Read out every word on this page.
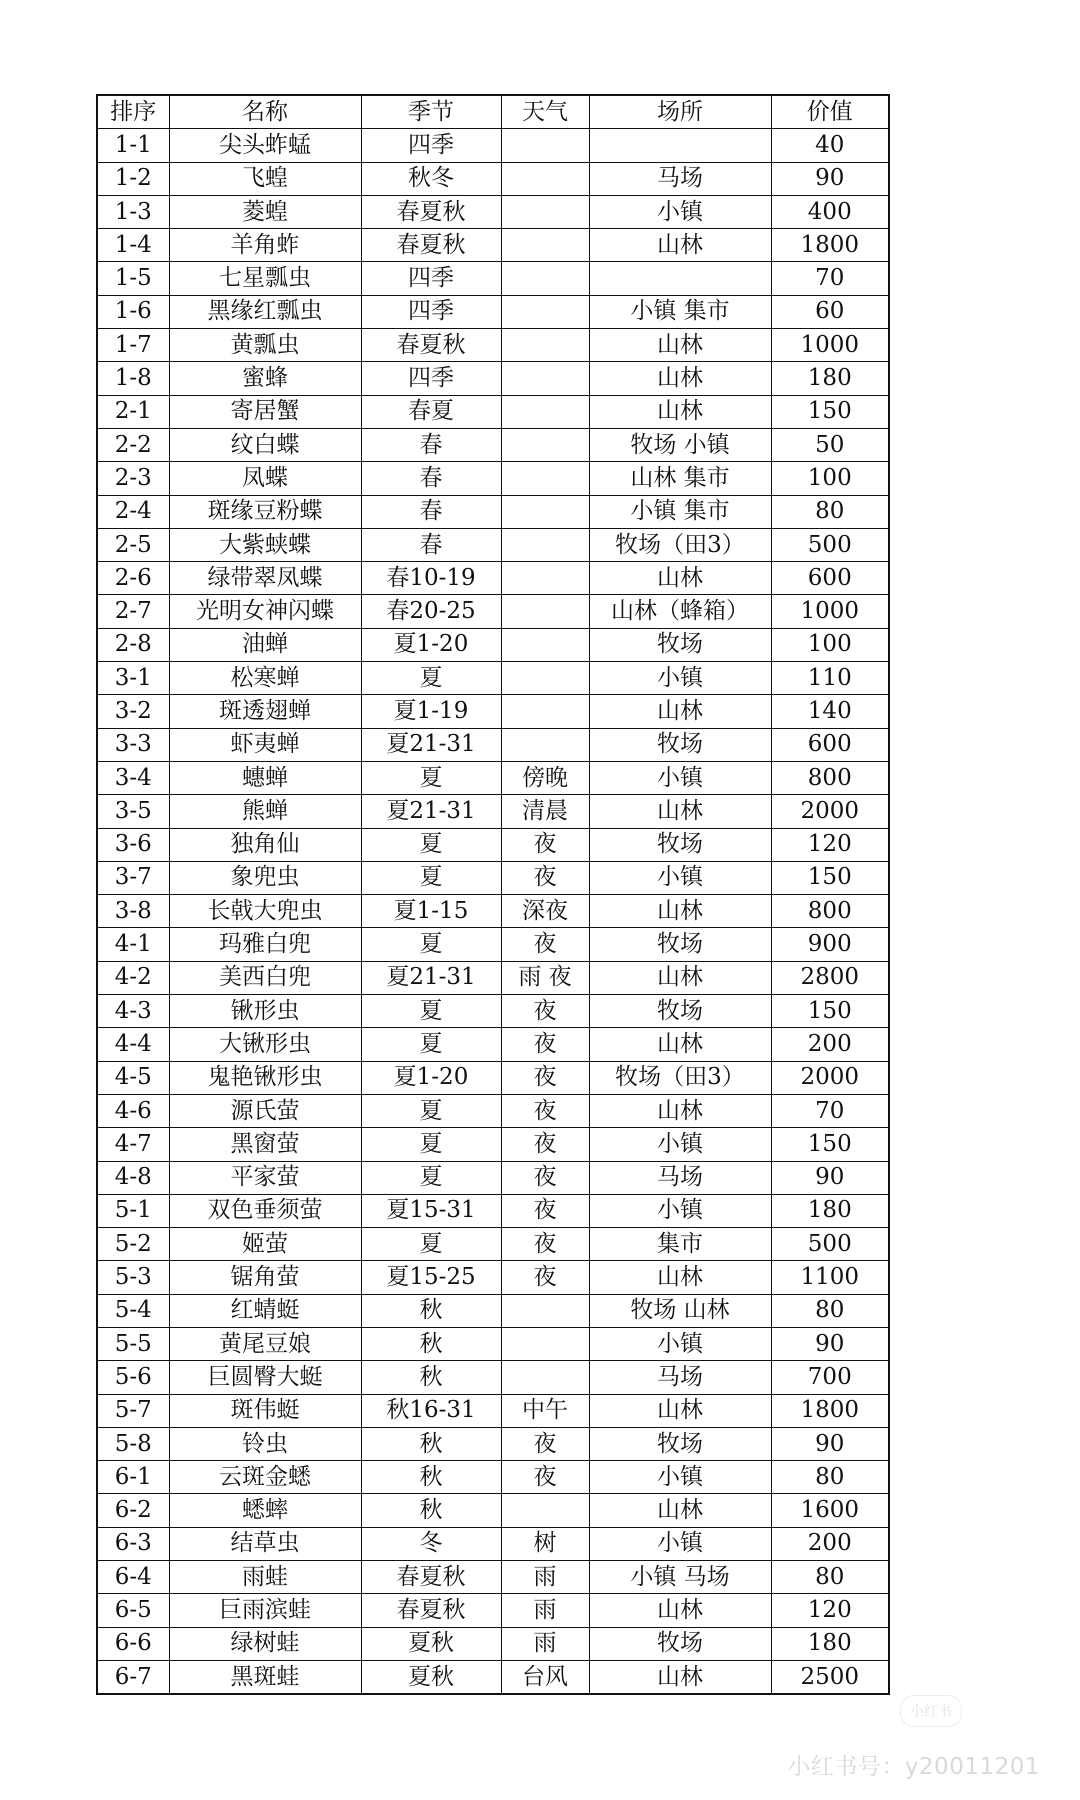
排序	名称	季节	天气	场所	价值
1-1	尖头蚱蜢	四季			40
1-2	飞蝗	秋冬		马场	90
1-3	菱蝗	春夏秋		小镇	400
1-4	羊角蚱	春夏秋		山林	1800
1-5	七星瓢虫	四季			70
1-6	黑缘红瓢虫	四季		小镇 集市	60
1-7	黄瓢虫	春夏秋		山林	1000
1-8	蜜蜂	四季		山林	180
2-1	寄居蟹	春夏		山林	150
2-2	纹白蝶	春		牧场 小镇	50
2-3	凤蝶	春		山林 集市	100
2-4	斑缘豆粉蝶	春		小镇 集市	80
2-5	大紫蛱蝶	春		牧场（田3）	500
2-6	绿带翠凤蝶	春10-19		山林	600
2-7	光明女神闪蝶	春20-25		山林（蜂箱）	1000
2-8	油蝉	夏1-20		牧场	100
3-1	松寒蝉	夏		小镇	110
3-2	斑透翅蝉	夏1-19		山林	140
3-3	虾夷蝉	夏21-31		牧场	600
3-4	蟪蝉	夏	傍晚	小镇	800
3-5	熊蝉	夏21-31	清晨	山林	2000
3-6	独角仙	夏	夜	牧场	120
3-7	象兜虫	夏	夜	小镇	150
3-8	长戟大兜虫	夏1-15	深夜	山林	800
4-1	玛雅白兜	夏	夜	牧场	900
4-2	美西白兜	夏21-31	雨 夜	山林	2800
4-3	锹形虫	夏	夜	牧场	150
4-4	大锹形虫	夏	夜	山林	200
4-5	鬼艳锹形虫	夏1-20	夜	牧场（田3）	2000
4-6	源氏萤	夏	夜	山林	70
4-7	黑窗萤	夏	夜	小镇	150
4-8	平家萤	夏	夜	马场	90
5-1	双色垂须萤	夏15-31	夜	小镇	180
5-2	姬萤	夏	夜	集市	500
5-3	锯角萤	夏15-25	夜	山林	1100
5-4	红蜻蜓	秋		牧场 山林	80
5-5	黄尾豆娘	秋		小镇	90
5-6	巨圆臀大蜓	秋		马场	700
5-7	斑伟蜓	秋16-31	中午	山林	1800
5-8	铃虫	秋	夜	牧场	90
6-1	云斑金蟋	秋	夜	小镇	80
6-2	蟋蟀	秋		山林	1600
6-3	结草虫	冬	树	小镇	200
6-4	雨蛙	春夏秋	雨	小镇 马场	80
6-5	巨雨滨蛙	春夏秋	雨	山林	120
6-6	绿树蛙	夏秋	雨	牧场	180
6-7	黑斑蛙	夏秋	台风	山林	2500
小红书
小红书号：y20011201
